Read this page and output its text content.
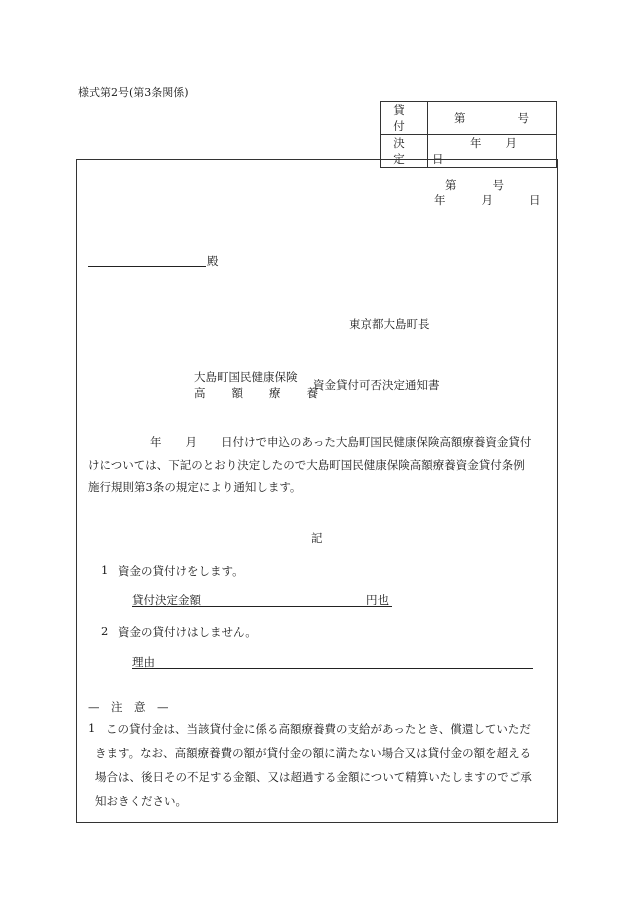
様式第2号(第3条関係)
貸付	第 号
決定	年 月日
第	号
年	月	日
殿
東京都大島町長
大島町国民健康保険
高 額 療 養
資金貸付可否決定通知書
年 月 日付けで申込のあった大島町国民健康保険高額療養資金貸付
けについては、下記のとおり決定したので大島町国民健康保険高額療養資金貸付条例
施行規則第3条の規定により通知します。
記
1 資金の貸付けをします。
貸付決定金額	円也
2 資金の貸付けはしません。
理由
—　注　意　—
1 この貸付金は、当該貸付金に係る高額療養費の支給があったとき、償還していただ
きます。なお、高額療養費の額が貸付金の額に満たない場合又は貸付金の額を超える
場合は、後日その不足する金額、又は超過する金額について精算いたしますのでご承
知おきください。
